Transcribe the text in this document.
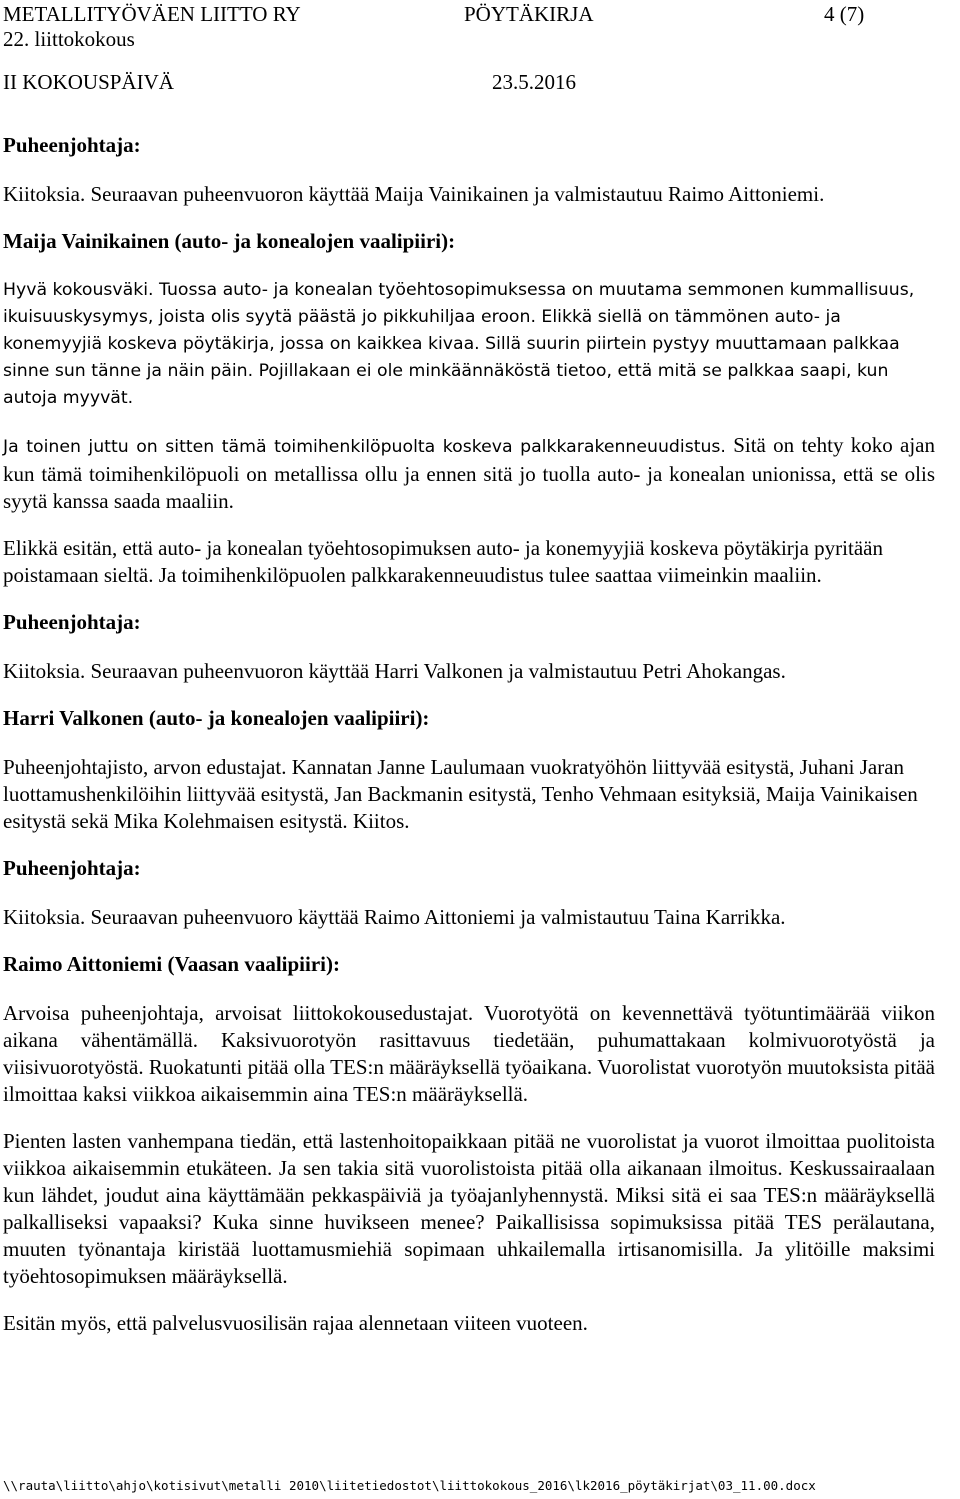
METALLITYÖVÄEN LIITTO RY	PÖYTÄKIRJA	4 (7)
22. liittokokous
II KOKOUSPÄIVÄ	23.5.2016
Puheenjohtaja:

Kiitoksia. Seuraavan puheenvuoron käyttää Maija Vainikainen ja valmistautuu Raimo Aittoniemi.

Maija Vainikainen (auto- ja konealojen vaalipiiri):

Hyvä kokousväki. Tuossa auto- ja konealan työehtosopimuksessa on muutama semmonen kummallisuus, ikuisuuskysymys, joista olis syytä päästä jo pikkuhiljaa eroon. Elikkä siellä on tämmönen auto- ja konemyyjiä koskeva pöytäkirja, jossa on kaikkea kivaa. Sillä suurin piirtein pystyy muuttamaan palkkaa sinne sun tänne ja näin päin. Pojillakaan ei ole minkäännäköstä tietoo, että mitä se palkkaa saapi, kun autoja myyvät.

Ja toinen juttu on sitten tämä toimihenkilöpuolta koskeva palkkarakenneuudistus. Sitä on tehty koko ajan kun tämä toimihenkilöpuoli on metallissa ollu ja ennen sitä jo tuolla auto- ja konealan unionissa, että se olis syytä kanssa saada maaliin.

Elikkä esitän, että auto- ja konealan työehtosopimuksen auto- ja konemyyjiä koskeva pöytäkirja pyritään poistamaan sieltä. Ja toimihenkilöpuolen palkkarakenneuudistus tulee saattaa viimeinkin maaliin.

Puheenjohtaja:

Kiitoksia. Seuraavan puheenvuoron käyttää Harri Valkonen ja valmistautuu Petri Ahokangas.

Harri Valkonen (auto- ja konealojen vaalipiiri):

Puheenjohtajisto, arvon edustajat. Kannatan Janne Laulumaan vuokratyöhön liittyvää esitystä, Juhani Jaran luottamushenkilöihin liittyvää esitystä, Jan Backmanin esitystä, Tenho Vehmaan esityksiä, Maija Vainikaisen esitystä sekä Mika Kolehmaisen esitystä. Kiitos.

Puheenjohtaja:

Kiitoksia. Seuraavan puheenvuoro käyttää Raimo Aittoniemi ja valmistautuu Taina Karrikka.

Raimo Aittoniemi (Vaasan vaalipiiri):

Arvoisa puheenjohtaja, arvoisat liittokokousedustajat. Vuorotyötä on kevennettävä työtuntimäärää viikon aikana vähentämällä. Kaksivuorotyön rasittavuus tiedetään, puhumattakaan kolmivuorotyöstä ja viisivuorotyöstä. Ruokatunti pitää olla TES:n määräyksellä työaikana. Vuorolistat vuorotyön muutoksista pitää ilmoittaa kaksi viikkoa aikaisemmin aina TES:n määräyksellä.

Pienten lasten vanhempana tiedän, että lastenhoitopaikkaan pitää ne vuorolistat ja vuorot ilmoittaa puolitoista viikkoa aikaisemmin etukäteen. Ja sen takia sitä vuorolistoista pitää olla aikanaan ilmoitus. Keskussairaalaan kun lähdet, joudut aina käyttämään pekkaspäiviä ja työajanlyhennystä. Miksi sitä ei saa TES:n määräyksellä palkalliseksi vapaaksi? Kuka sinne huvikseen menee? Paikallisissa sopimuksissa pitää TES perälautana, muuten työnantaja kiristää luottamusmiehiä sopimaan uhkailemalla irtisanomisilla. Ja ylitöille maksimi työehtosopimuksen määräyksellä.

Esitän myös, että palvelusvuosilisän rajaa alennetaan viiteen vuoteen.

\\rauta\liitto\ahjo\kotisivut\metalli 2010\liitetiedostot\liittokokous_2016\lk2016_pöytäkirjat\03_11.00.docx
